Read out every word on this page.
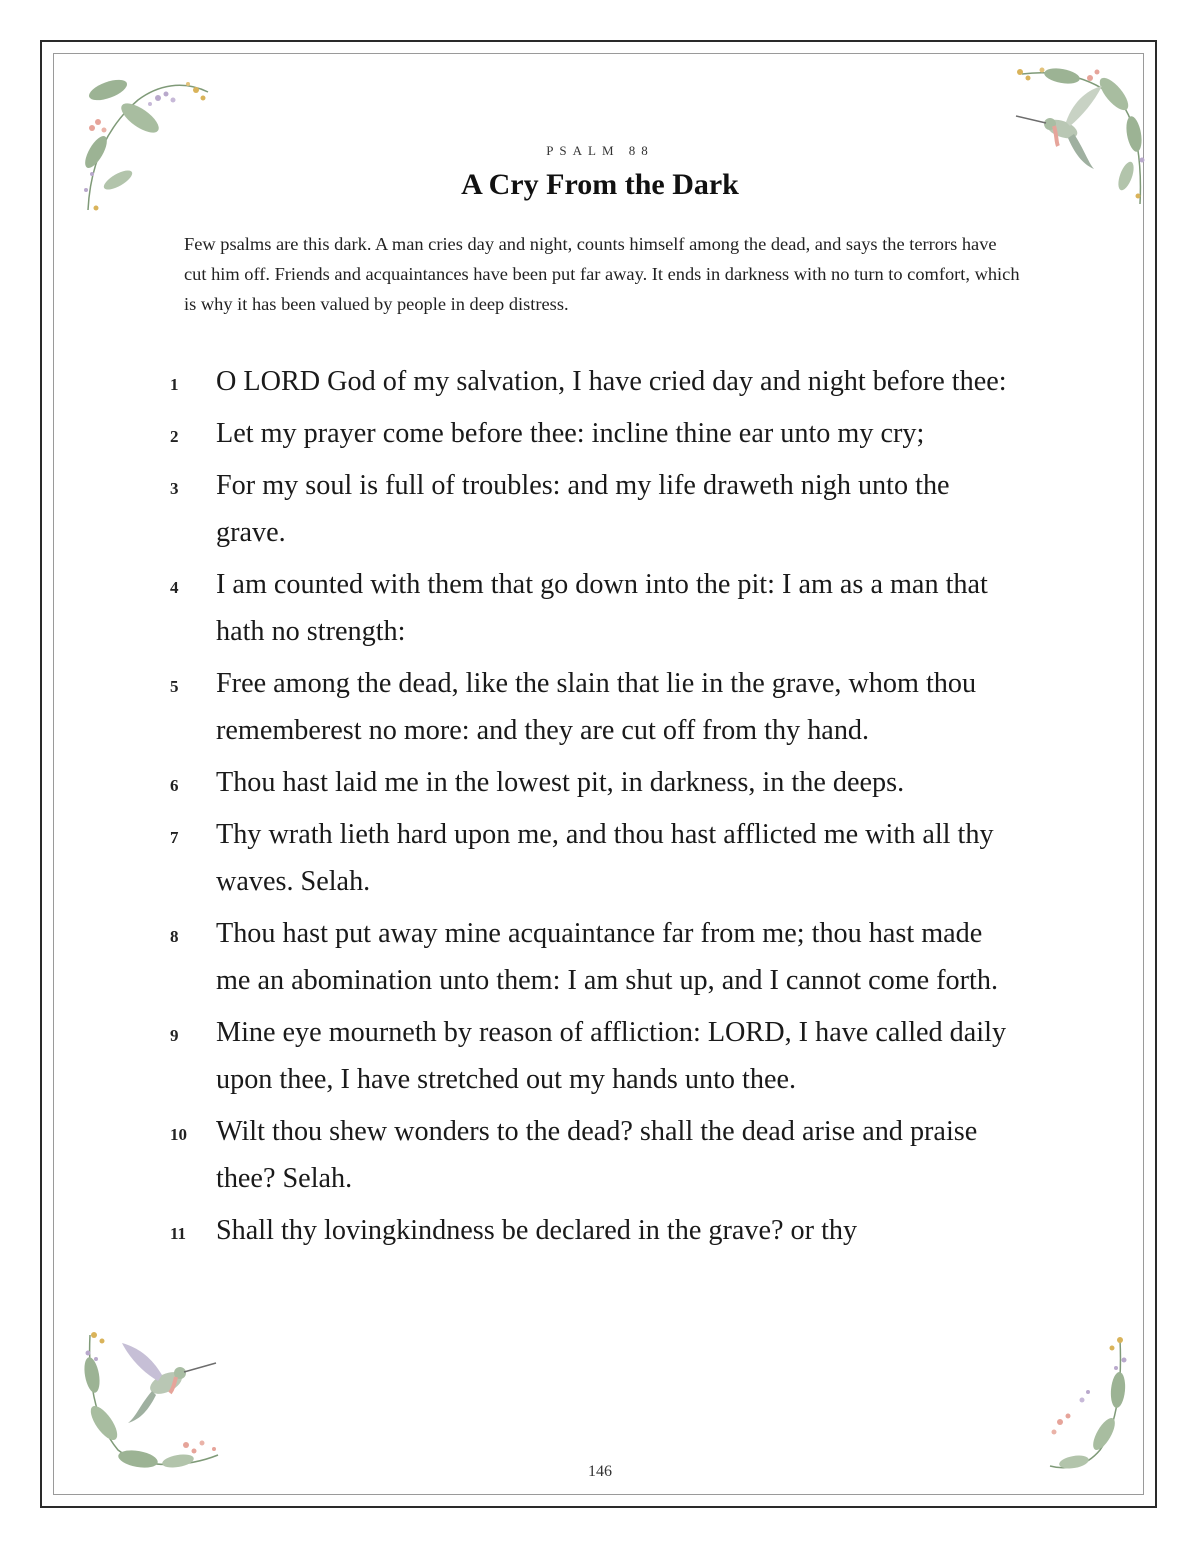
PSALM 88
A Cry From the Dark
Few psalms are this dark. A man cries day and night, counts himself among the dead, and says the terrors have cut him off. Friends and acquaintances have been put far away. It ends in darkness with no turn to comfort, which is why it has been valued by people in deep distress.
1	O LORD God of my salvation, I have cried day and night before thee:
2	Let my prayer come before thee: incline thine ear unto my cry;
3	For my soul is full of troubles: and my life draweth nigh unto the grave.
4	I am counted with them that go down into the pit: I am as a man that hath no strength:
5	Free among the dead, like the slain that lie in the grave, whom thou rememberest no more: and they are cut off from thy hand.
6	Thou hast laid me in the lowest pit, in darkness, in the deeps.
7	Thy wrath lieth hard upon me, and thou hast afflicted me with all thy waves. Selah.
8	Thou hast put away mine acquaintance far from me; thou hast made me an abomination unto them: I am shut up, and I cannot come forth.
9	Mine eye mourneth by reason of affliction: LORD, I have called daily upon thee, I have stretched out my hands unto thee.
10	Wilt thou shew wonders to the dead? shall the dead arise and praise thee? Selah.
11	Shall thy lovingkindness be declared in the grave? or thy
146
